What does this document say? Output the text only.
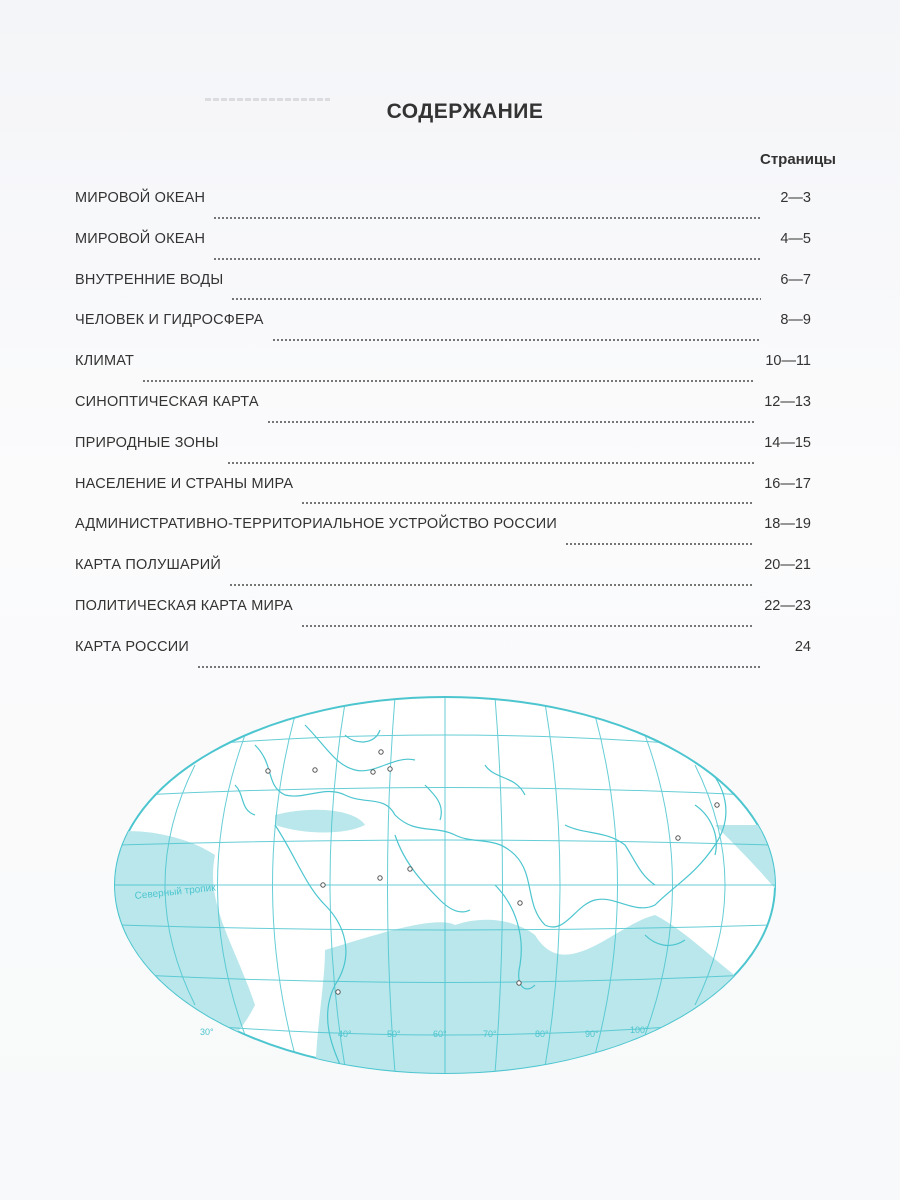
СОДЕРЖАНИЕ
Страницы
МИРОВОЙ ОКЕАН	2—3
МИРОВОЙ ОКЕАН	4—5
ВНУТРЕННИЕ ВОДЫ	6—7
ЧЕЛОВЕК И ГИДРОСФЕРА	8—9
КЛИМАТ	10—11
СИНОПТИЧЕСКАЯ КАРТА	12—13
ПРИРОДНЫЕ ЗОНЫ	14—15
НАСЕЛЕНИЕ И СТРАНЫ МИРА	16—17
АДМИНИСТРАТИВНО-ТЕРРИТОРИАЛЬНОЕ УСТРОЙСТВО РОССИИ	18—19
КАРТА ПОЛУШАРИЙ	20—21
ПОЛИТИЧЕСКАЯ КАРТА МИРА	22—23
КАРТА РОССИИ	24
Северный тропик
30°	40°	50°	60°	70°	80°	90°	100°
